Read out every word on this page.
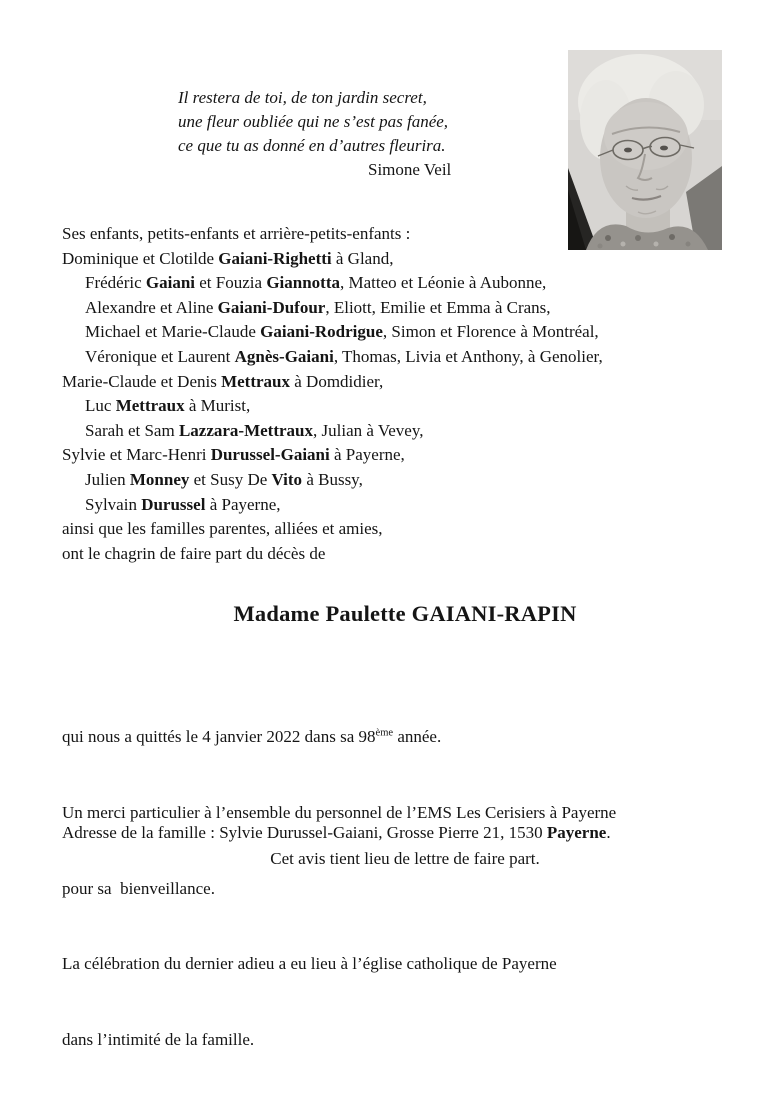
Il restera de toi, de ton jardin secret,
une fleur oubliée qui ne s’est pas fanée,
ce que tu as donné en d’autres fleurira.
Simone Veil
Ses enfants, petits-enfants et arrière-petits-enfants :
Dominique et Clotilde Gaiani-Righetti à Gland,
Frédéric Gaiani et Fouzia Giannotta, Matteo et Léonie à Aubonne,
Alexandre et Aline Gaiani-Dufour, Eliott, Emilie et Emma à Crans,
Michael et Marie-Claude Gaiani-Rodrigue, Simon et Florence à Montréal,
Véronique et Laurent Agnès-Gaiani, Thomas, Livia et Anthony, à Genolier,
Marie-Claude et Denis Mettraux à Domdidier,
Luc Mettraux à Murist,
Sarah et Sam Lazzara-Mettraux, Julian à Vevey,
Sylvie et Marc-Henri Durussel-Gaiani à Payerne,
Julien Monney et Susy De Vito à Bussy,
Sylvain Durussel à Payerne,
ainsi que les familles parentes, alliées et amies,
ont le chagrin de faire part du décès de
Madame Paulette GAIANI-RAPIN

qui nous a quittés le 4 janvier 2022 dans sa 98ème année.

Un merci particulier à l’ensemble du personnel de l’EMS Les Cerisiers à Payerne

pour sa  bienveillance.

La célébration du dernier adieu a eu lieu à l’église catholique de Payerne

dans l’intimité de la famille.

Adresse de la famille : Sylvie Durussel-Gaiani, Grosse Pierre 21, 1530 Payerne.
Cet avis tient lieu de lettre de faire part.
